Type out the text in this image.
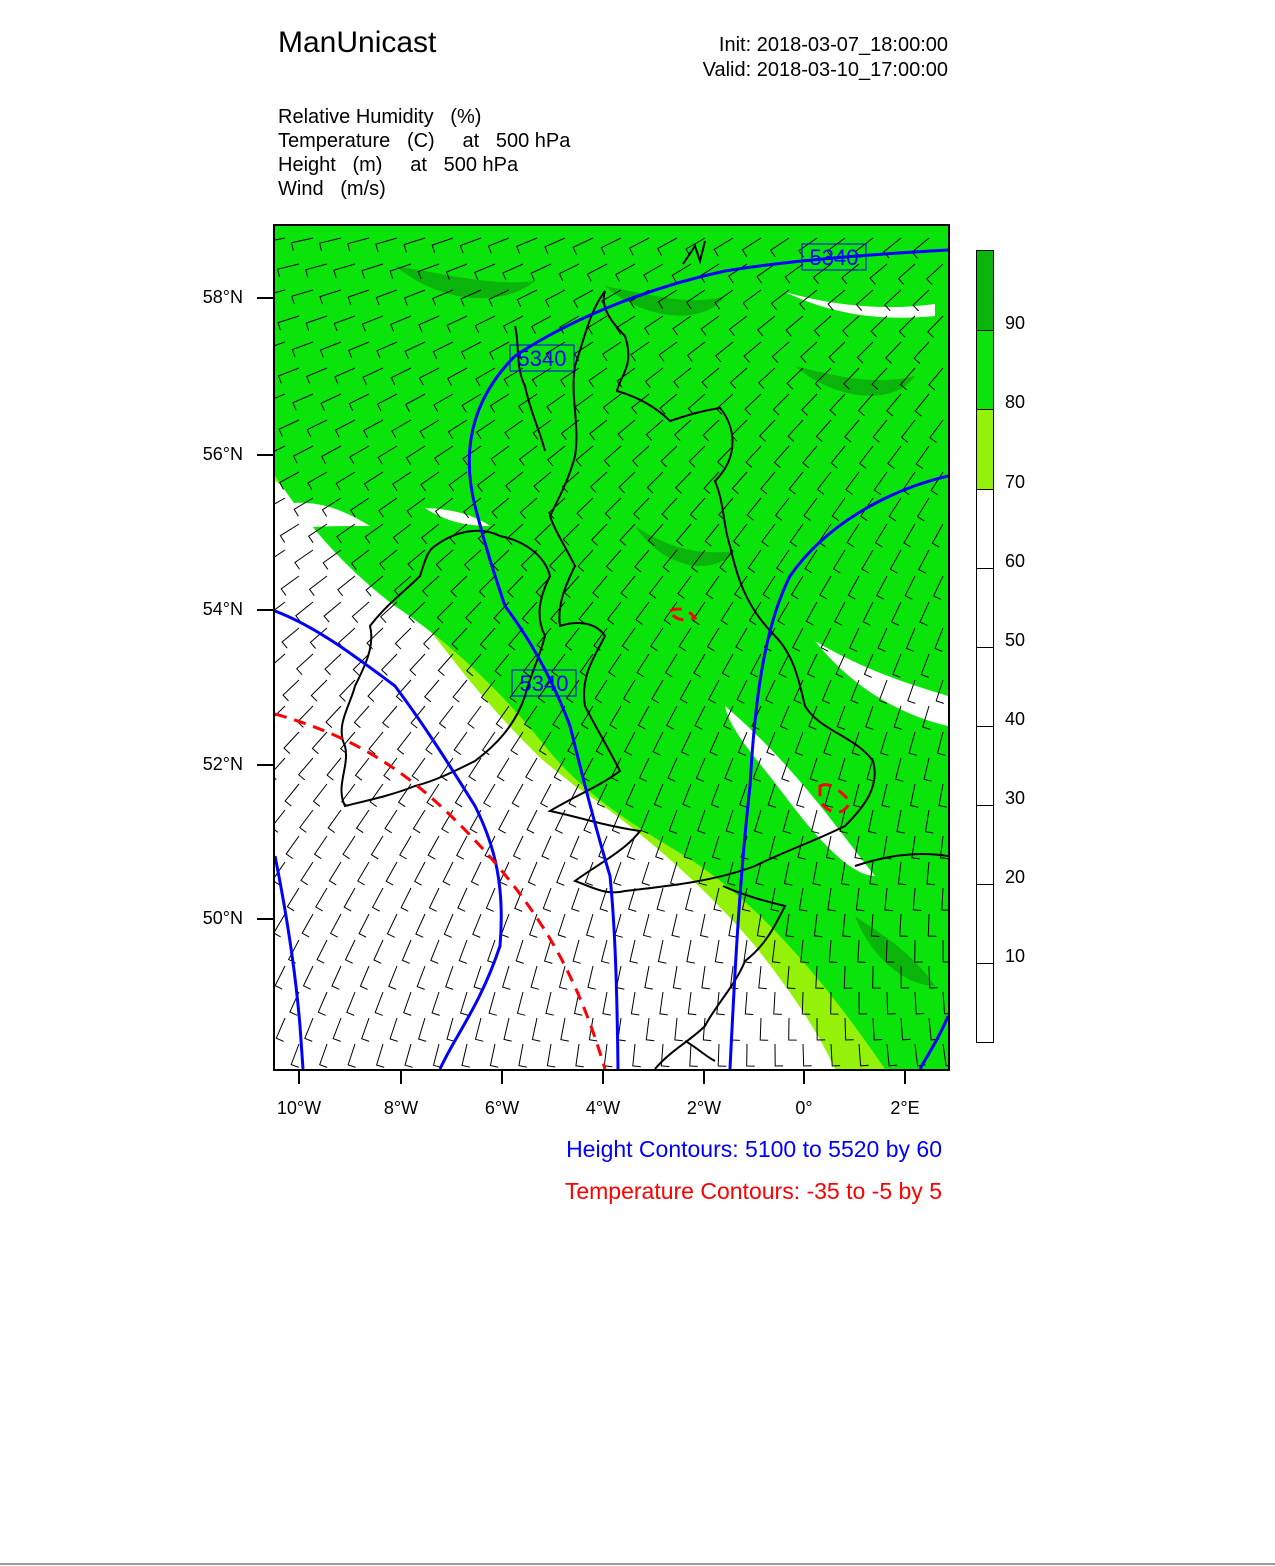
ManUnicast	Init: 2018-03-07_18:00:00
Valid: 2018-03-10_17:00:00
Relative Humidity (%)
Temperature (C) at   500 hPa
Height (m) at   500 hPa
Wind (m/s)
5340
5340
5340
58°N
56°N
54°N
52°N
50°N
10°W	8°W	6°W	4°W	2°W	0°	2°E
90
80
70
60
50
40
30
20
10
Height Contours: 5100 to 5520 by 60
Temperature Contours: -35 to -5 by 5
